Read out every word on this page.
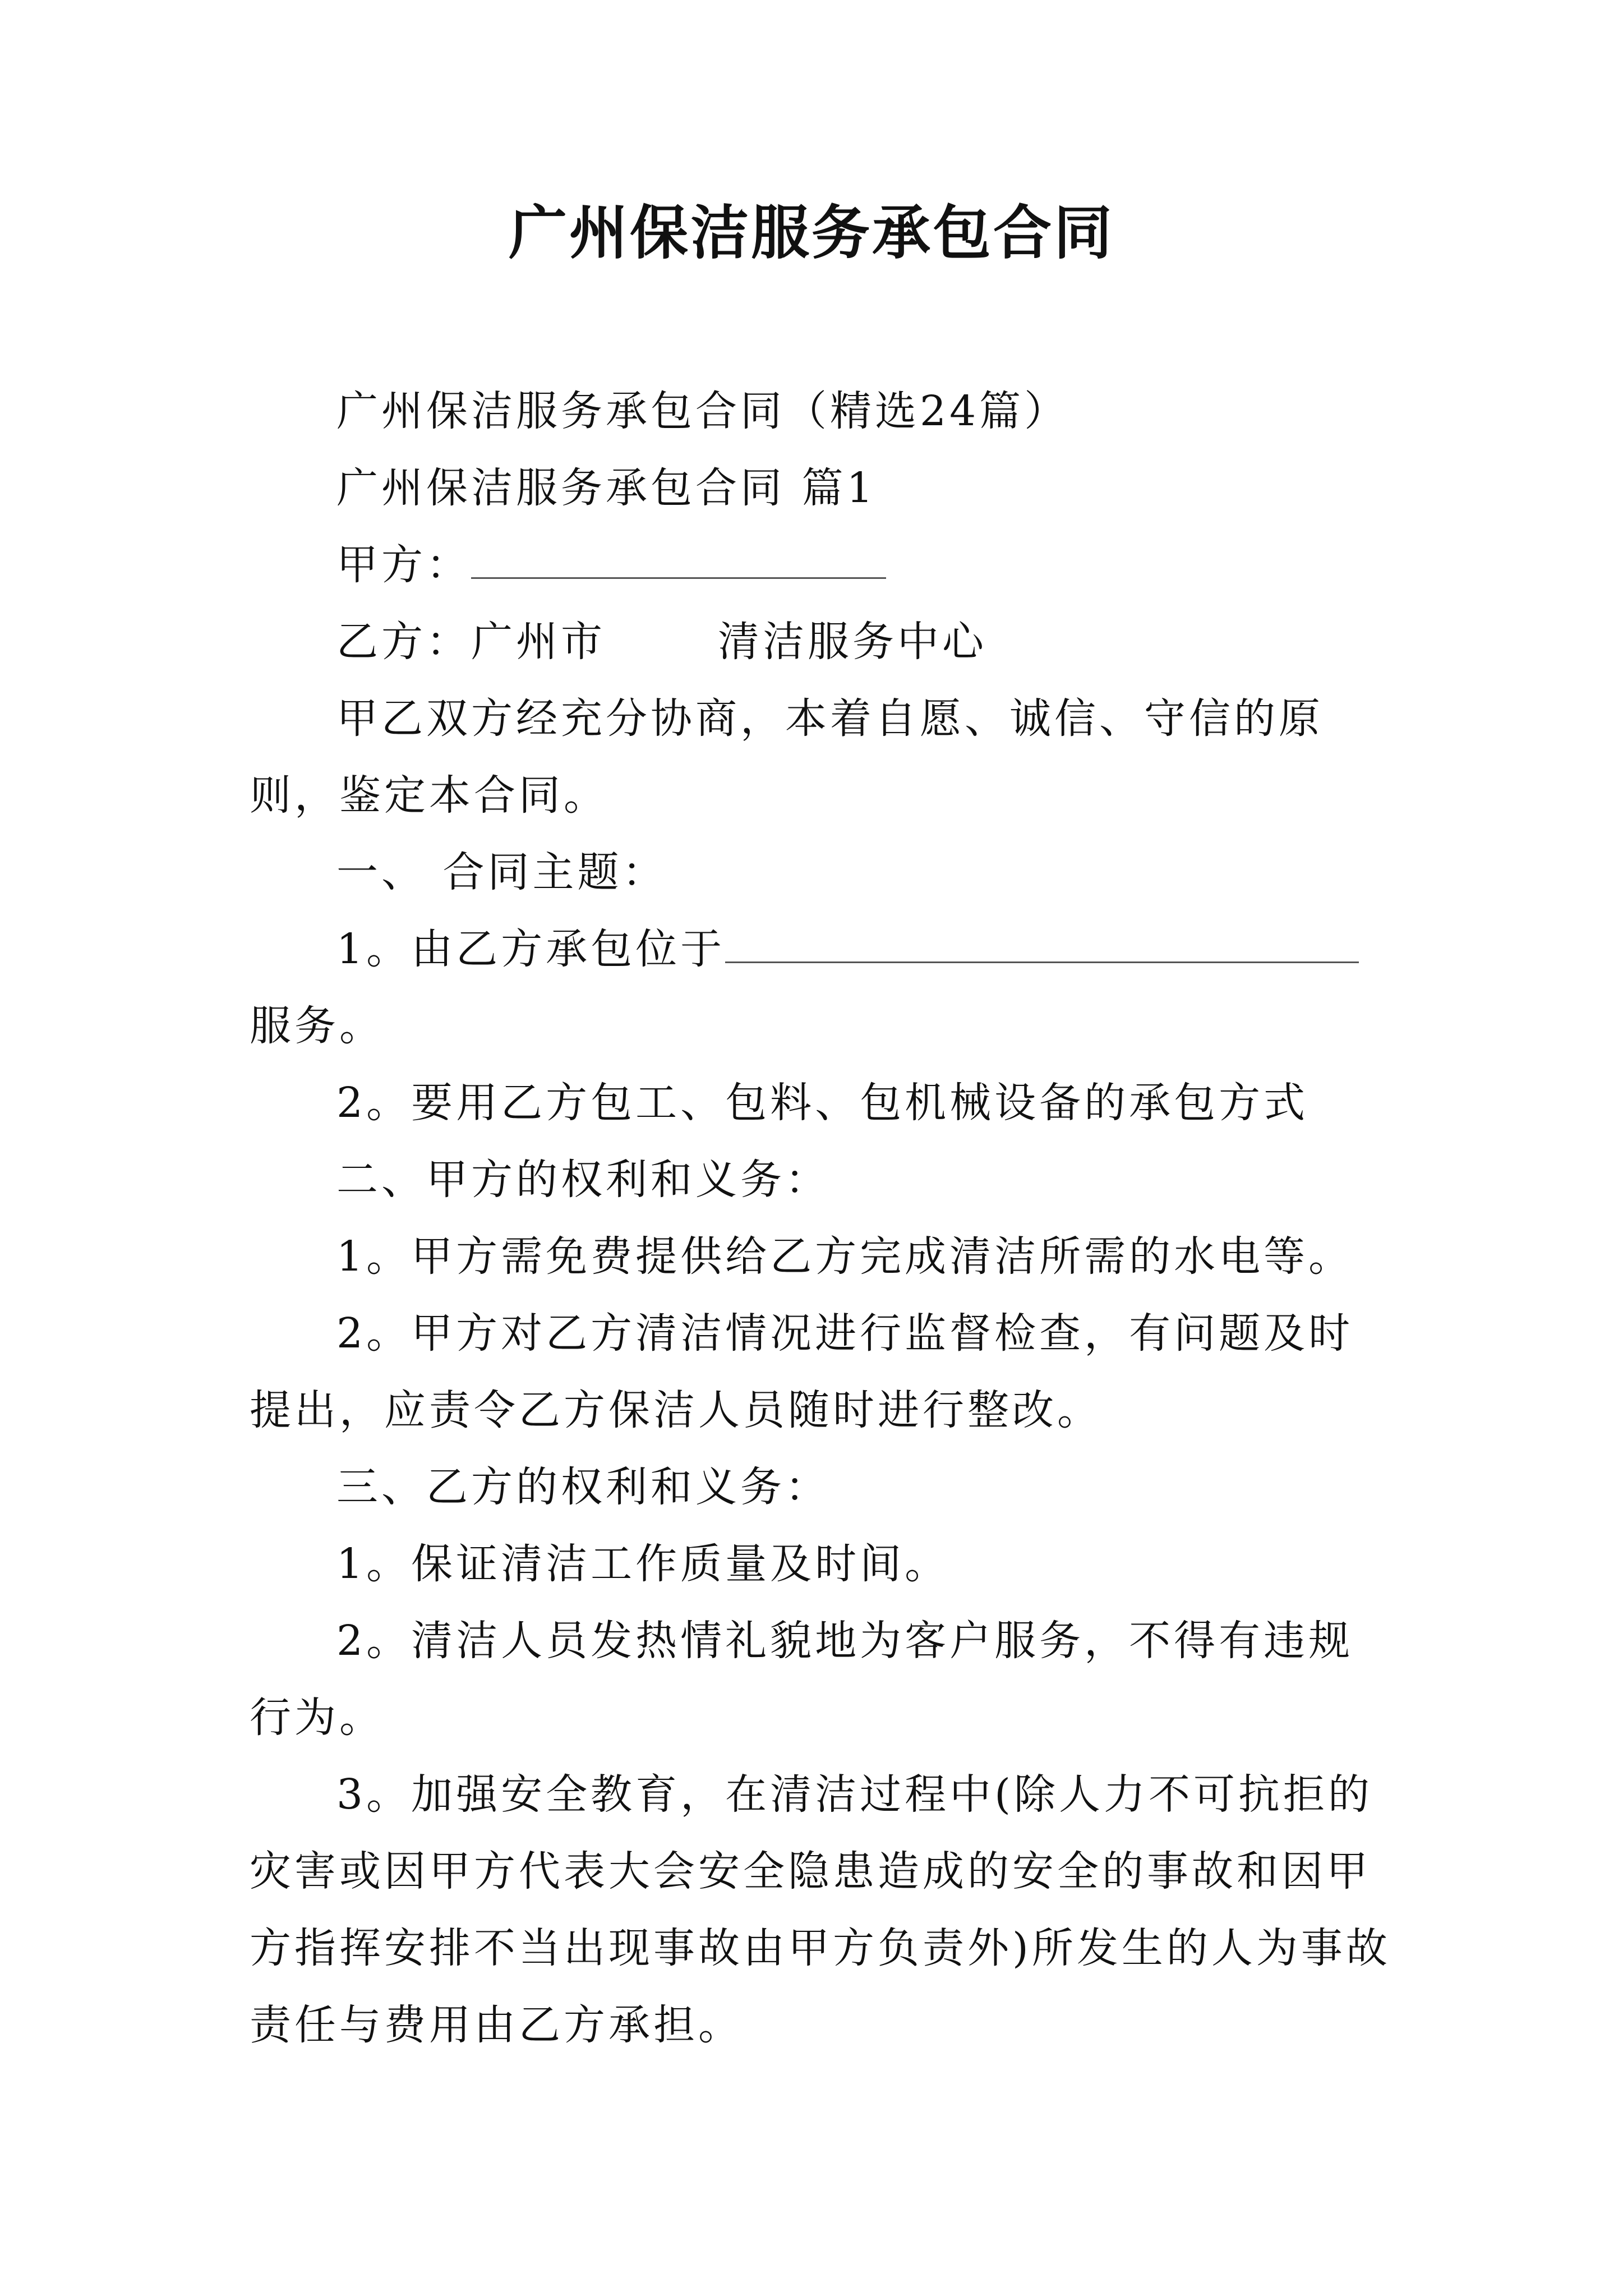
广州保洁服务承包合同

广州保洁服务承包合同（精选24篇）

广州保洁服务承包合同 篇1

甲方：

乙方：广州市	清洁服务中心

甲乙双方经充分协商，本着自愿、诚信、守信的原则，鉴定本合同。

一、 合同主题：

1。由乙方承包位于服务。

2。要用乙方包工、包料、包机械设备的承包方式

二、甲方的权利和义务：

1。甲方需免费提供给乙方完成清洁所需的水电等。

2。甲方对乙方清洁情况进行监督检查，有问题及时提出，应责令乙方保洁人员随时进行整改。

三、乙方的权利和义务：

1。保证清洁工作质量及时间。

2。清洁人员发热情礼貌地为客户服务，不得有违规行为。

3。加强安全教育，在清洁过程中(除人力不可抗拒的灾害或因甲方代表大会安全隐患造成的安全的事故和因甲方指挥安排不当出现事故由甲方负责外)所发生的人为事故责任与费用由乙方承担。
